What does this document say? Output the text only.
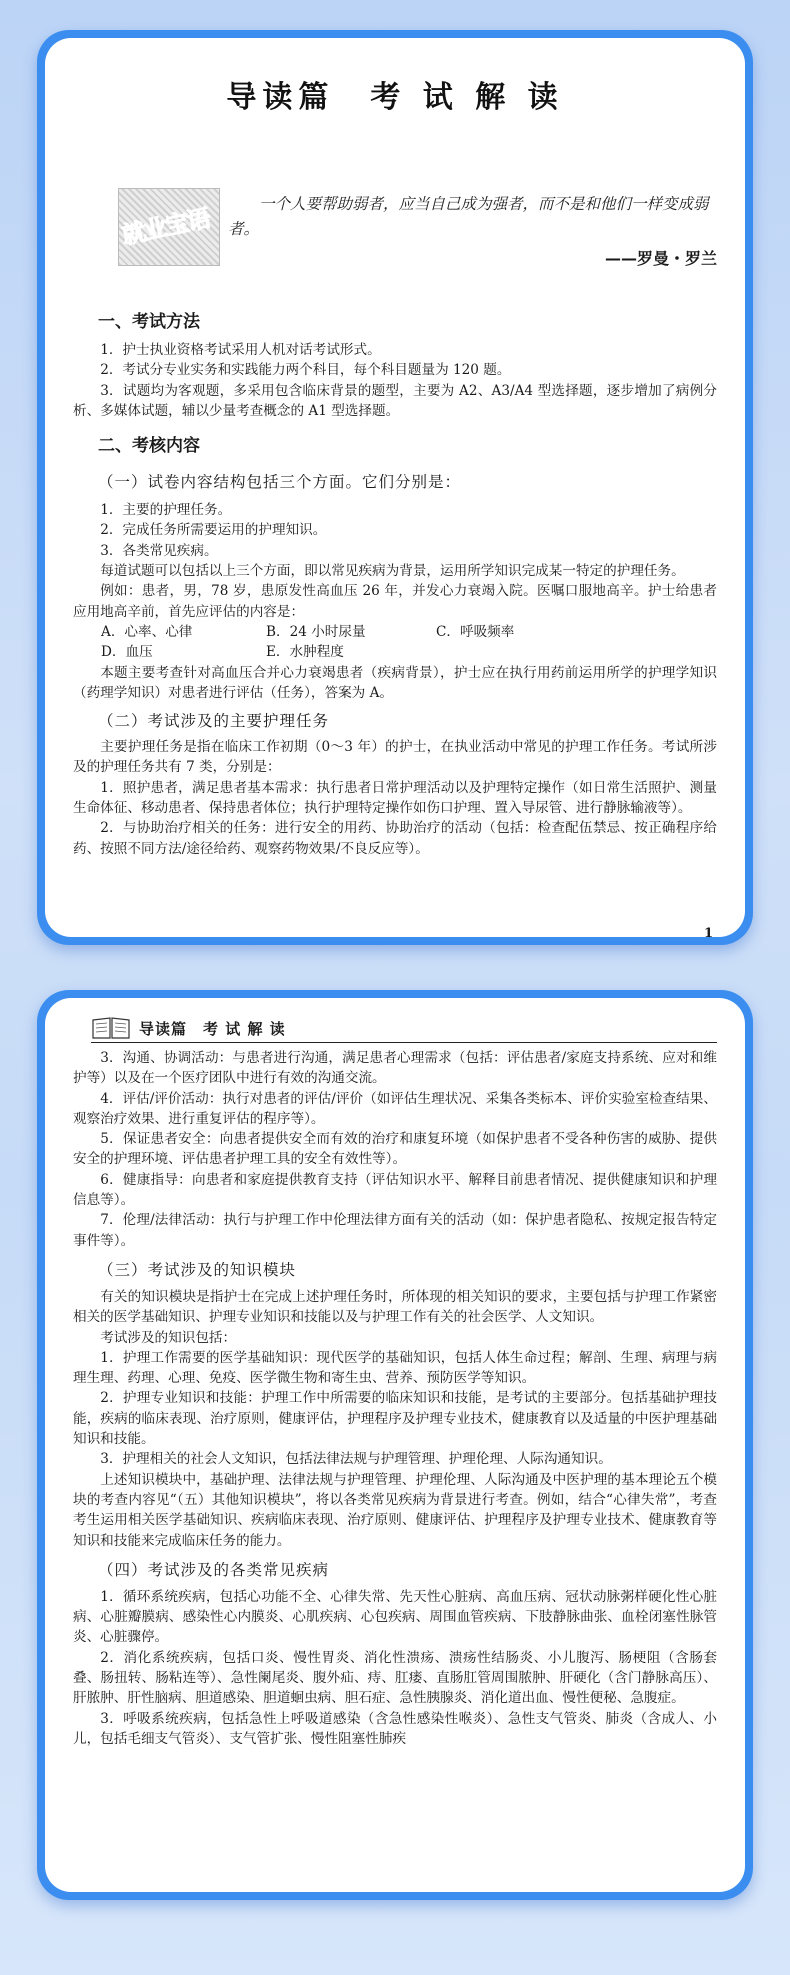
导读篇　考 试 解 读
就业宝语
一个人要帮助弱者，应当自己成为强者，而不是和他们一样变成弱者。
——罗曼・罗兰
一、考试方法

1．护士执业资格考试采用人机对话考试形式。

2．考试分专业实务和实践能力两个科目，每个科目题量为 120 题。

3．试题均为客观题，多采用包含临床背景的题型，主要为 A2、A3/A4 型选择题，逐步增加了病例分析、多媒体试题，辅以少量考查概念的 A1 型选择题。

二、考核内容
（一）试卷内容结构包括三个方面。它们分别是：

1．主要的护理任务。

2．完成任务所需要运用的护理知识。

3．各类常见疾病。

每道试题可以包括以上三个方面，即以常见疾病为背景，运用所学知识完成某一特定的护理任务。

例如：患者，男，78 岁，患原发性高血压 26 年，并发心力衰竭入院。医嘱口服地高辛。护士给患者应用地高辛前，首先应评估的内容是：

A．心率、心律	B．24 小时尿量	C．呼吸频率
D．血压	E．水肿程度

本题主要考查针对高血压合并心力衰竭患者（疾病背景），护士应在执行用药前运用所学的护理学知识（药理学知识）对患者进行评估（任务），答案为 A。

（二）考试涉及的主要护理任务

主要护理任务是指在临床工作初期（0～3 年）的护士，在执业活动中常见的护理工作任务。考试所涉及的护理任务共有 7 类，分别是：

1．照护患者，满足患者基本需求：执行患者日常护理活动以及护理特定操作（如日常生活照护、测量生命体征、移动患者、保持患者体位；执行护理特定操作如伤口护理、置入导尿管、进行静脉输液等）。

2．与协助治疗相关的任务：进行安全的用药、协助治疗的活动（包括：检查配伍禁忌、按正确程序给药、按照不同方法/途径给药、观察药物效果/不良反应等）。

1
导读篇　考 试 解 读

3．沟通、协调活动：与患者进行沟通，满足患者心理需求（包括：评估患者/家庭支持系统、应对和维护等）以及在一个医疗团队中进行有效的沟通交流。

4．评估/评价活动：执行对患者的评估/评价（如评估生理状况、采集各类标本、评价实验室检查结果、观察治疗效果、进行重复评估的程序等）。

5．保证患者安全：向患者提供安全而有效的治疗和康复环境（如保护患者不受各种伤害的威胁、提供安全的护理环境、评估患者护理工具的安全有效性等）。

6．健康指导：向患者和家庭提供教育支持（评估知识水平、解释目前患者情况、提供健康知识和护理信息等）。

7．伦理/法律活动：执行与护理工作中伦理法律方面有关的活动（如：保护患者隐私、按规定报告特定事件等）。

（三）考试涉及的知识模块

有关的知识模块是指护士在完成上述护理任务时，所体现的相关知识的要求，主要包括与护理工作紧密相关的医学基础知识、护理专业知识和技能以及与护理工作有关的社会医学、人文知识。

考试涉及的知识包括：

1．护理工作需要的医学基础知识：现代医学的基础知识，包括人体生命过程；解剖、生理、病理与病理生理、药理、心理、免疫、医学微生物和寄生虫、营养、预防医学等知识。

2．护理专业知识和技能：护理工作中所需要的临床知识和技能，是考试的主要部分。包括基础护理技能，疾病的临床表现、治疗原则，健康评估，护理程序及护理专业技术，健康教育以及适量的中医护理基础知识和技能。

3．护理相关的社会人文知识，包括法律法规与护理管理、护理伦理、人际沟通知识。

上述知识模块中，基础护理、法律法规与护理管理、护理伦理、人际沟通及中医护理的基本理论五个模块的考查内容见“（五）其他知识模块”，将以各类常见疾病为背景进行考查。例如，结合“心律失常”，考查考生运用相关医学基础知识、疾病临床表现、治疗原则、健康评估、护理程序及护理专业技术、健康教育等知识和技能来完成临床任务的能力。

（四）考试涉及的各类常见疾病

1．循环系统疾病，包括心功能不全、心律失常、先天性心脏病、高血压病、冠状动脉粥样硬化性心脏病、心脏瓣膜病、感染性心内膜炎、心肌疾病、心包疾病、周围血管疾病、下肢静脉曲张、血栓闭塞性脉管炎、心脏骤停。

2．消化系统疾病，包括口炎、慢性胃炎、消化性溃疡、溃疡性结肠炎、小儿腹泻、肠梗阻（含肠套叠、肠扭转、肠粘连等）、急性阑尾炎、腹外疝、痔、肛瘘、直肠肛管周围脓肿、肝硬化（含门静脉高压）、肝脓肿、肝性脑病、胆道感染、胆道蛔虫病、胆石症、急性胰腺炎、消化道出血、慢性便秘、急腹症。

3．呼吸系统疾病，包括急性上呼吸道感染（含急性感染性喉炎）、急性支气管炎、肺炎（含成人、小儿，包括毛细支气管炎）、支气管扩张、慢性阻塞性肺疾
